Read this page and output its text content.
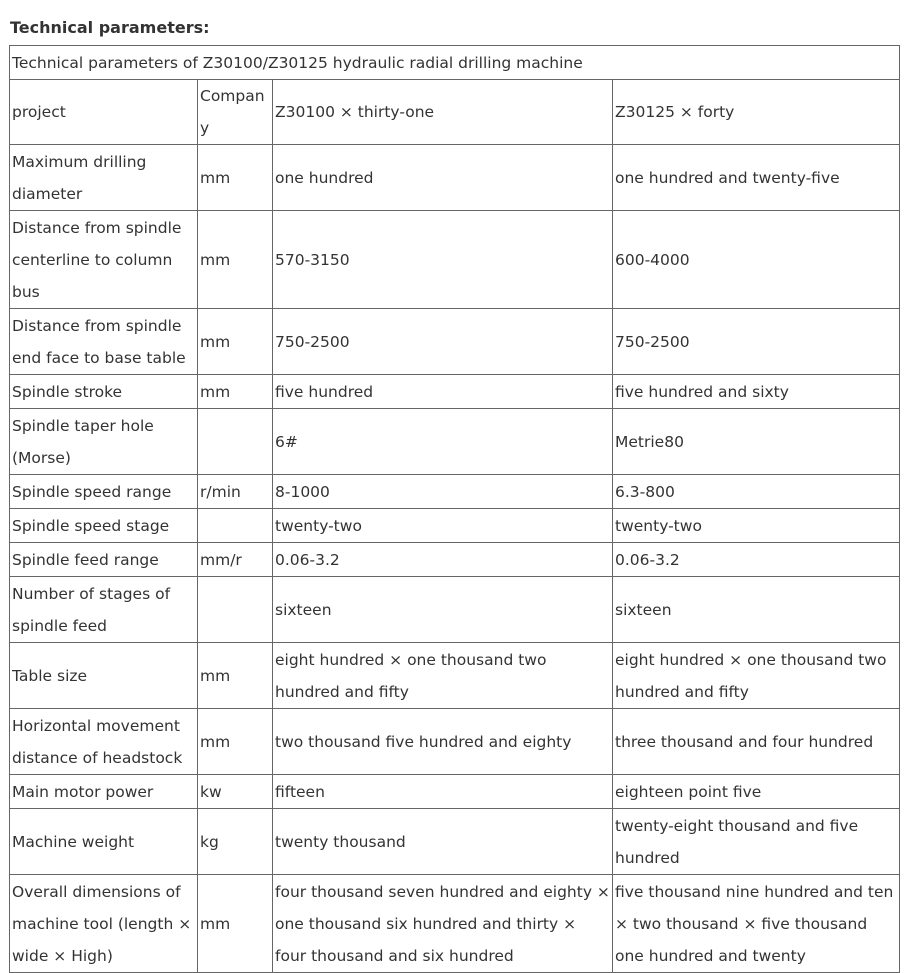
Technical parameters:
Technical parameters of Z30100/Z30125 hydraulic radial drilling machine			
project	Company	Z30100 × thirty-one	Z30125 × forty
Maximum drilling diameter	mm	one hundred	one hundred and twenty-five
Distance from spindle centerline to column bus	mm	570-3150	600-4000
Distance from spindle end face to base table	mm	750-2500	750-2500
Spindle stroke	mm	five hundred	five hundred and sixty
Spindle taper hole (Morse)		6#	Metrie80
Spindle speed range	r/min	8-1000	6.3-800
Spindle speed stage		twenty-two	twenty-two
Spindle feed range	mm/r	0.06-3.2	0.06-3.2
Number of stages of spindle feed		sixteen	sixteen
Table size	mm	eight hundred × one thousand two hundred and fifty	eight hundred × one thousand two hundred and fifty
Horizontal movement distance of headstock	mm	two thousand five hundred and eighty	three thousand and four hundred
Main motor power	kw	fifteen	eighteen point five
Machine weight	kg	twenty thousand	twenty-eight thousand and five hundred
Overall dimensions of machine tool (length × wide × High)	mm	four thousand seven hundred and eighty × one thousand six hundred and thirty × four thousand and six hundred	five thousand nine hundred and ten × two thousand × five thousand one hundred and twenty
